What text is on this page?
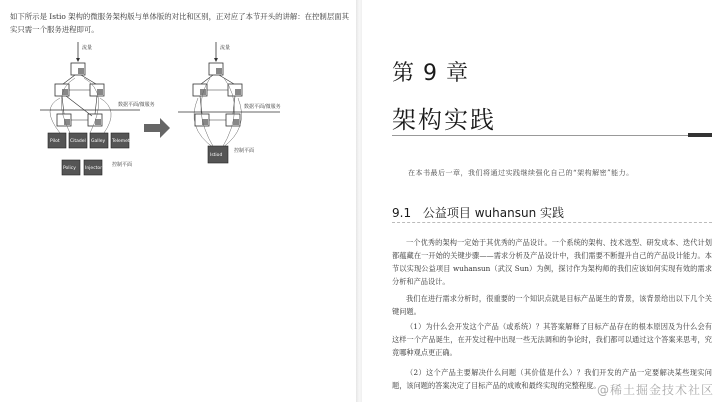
如下所示是 Istio 架构的微服务架构版与单体版的对比和区别，正对应了本节开头的讲解：在控制层面其实只需一个服务进程即可。
流量
数据平面/微服务
Pilot Citadel Galley Telemetry
Policy Injector
控制平面
流量
数据平面/微服务
Istiod
控制平面
第 9 章
架构实践
在本书最后一章，我们将通过实践继续强化自己的“架构解密”能力。
9.1 公益项目 wuhansun 实践
一个优秀的架构一定始于其优秀的产品设计。一个系统的架构、技术选型、研发成本、迭代计划都蕴藏在一开始的关键步骤——需求分析及产品设计中，我们需要不断提升自己的产品设计能力。本节以实现公益项目 wuhansun（武汉 Sun）为例，探讨作为架构师的我们应该如何实现有效的需求分析和产品设计。
我们在进行需求分析时，很重要的一个知识点就是目标产品诞生的背景，该背景给出以下几个关键问题。
（1）为什么会开发这个产品（或系统）？其答案解释了目标产品存在的根本原因及为什么会有这样一个产品诞生，在开发过程中出现一些无法调和的争论时，我们都可以通过这个答案来思考，究竟哪种观点更正确。
（2）这个产品主要解决什么问题（其价值是什么）？我们开发的产品一定要解决某些现实问题，该问题的答案决定了目标产品的成败和最终实现的完整程度。
@稀土掘金技术社区
